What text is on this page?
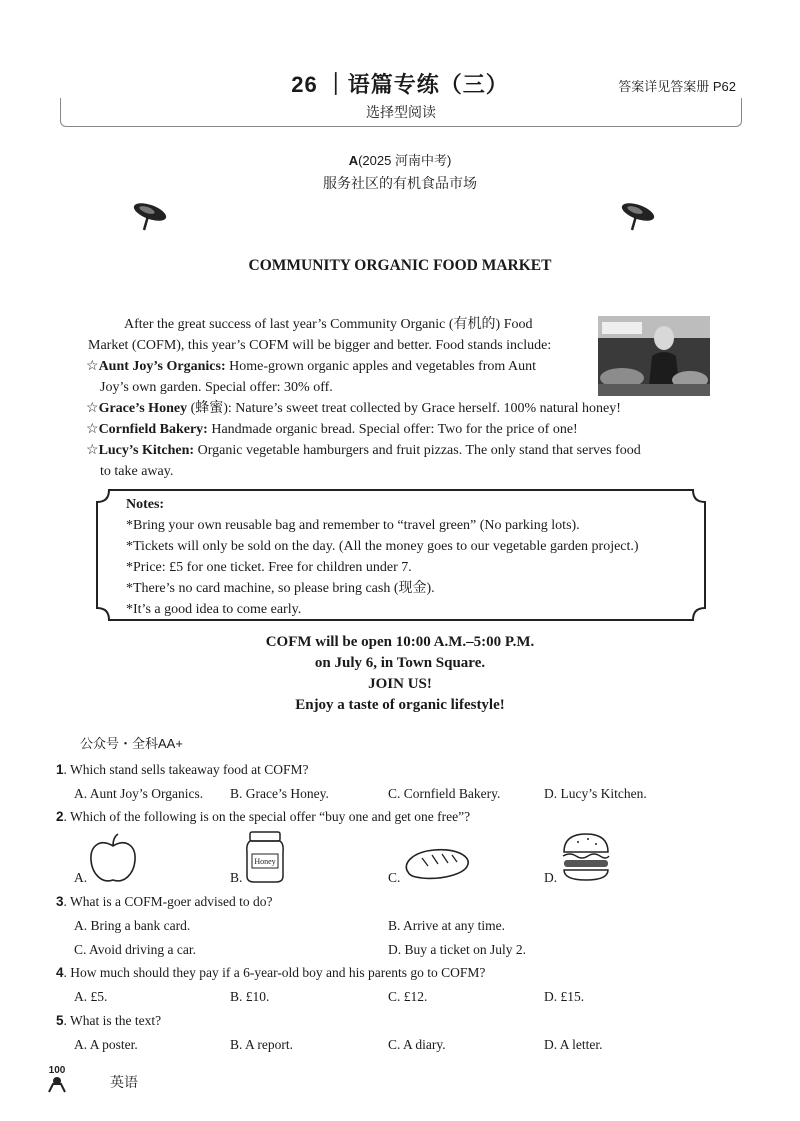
26 ｜语篇专练（三）	答案详见答案册 P62
选择型阅读
A(2025 河南中考)
服务社区的有机食品市场
COMMUNITY ORGANIC FOOD MARKET
After the great success of last year’s Community Organic (有机的) Food
Market (COFM), this year’s COFM will be bigger and better. Food stands include:
☆Aunt Joy’s Organics: Home-grown organic apples and vegetables from Aunt
Joy’s own garden. Special offer: 30% off.
☆Grace’s Honey (蜂蜜): Nature’s sweet treat collected by Grace herself. 100% natural honey!
☆Cornfield Bakery: Handmade organic bread. Special offer: Two for the price of one!
☆Lucy’s Kitchen: Organic vegetable hamburgers and fruit pizzas. The only stand that serves food
to take away.
Notes:
*Bring your own reusable bag and remember to “travel green” (No parking lots).
*Tickets will only be sold on the day. (All the money goes to our vegetable garden project.)
*Price: £5 for one ticket. Free for children under 7.
*There’s no card machine, so please bring cash (现金).
*It’s a good idea to come early.
COFM will be open 10:00 A.M.–5:00 P.M.
on July 6, in Town Square.
JOIN US!
Enjoy a taste of organic lifestyle!
公众号・全科AA+
1. Which stand sells takeaway food at COFM?
A. Aunt Joy’s Organics. B. Grace’s Honey.	C. Cornfield Bakery.	D. Lucy’s Kitchen.
2. Which of the following is on the special offer “buy one and get one free”?
A.	B.
Honey
C.	D.
3. What is a COFM-goer advised to do?
A. Bring a bank card.	B. Arrive at any time.
C. Avoid driving a car.	D. Buy a ticket on July 2.
4. How much should they pay if a 6-year-old boy and his parents go to COFM?
A. £5.	B. £10.	C. £12.	D. £15.
5. What is the text?
A. A poster.	B. A report.	C. A diary.	D. A letter.
100
英语
